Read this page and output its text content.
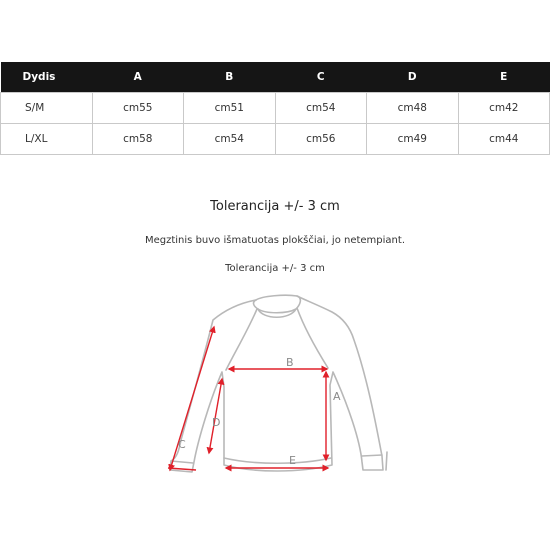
Dydis	A	B	C	D	E
S/M	cm55	cm51	cm54	cm48	cm42
L/XL	cm58	cm54	cm56	cm49	cm44
Tolerancija +/- 3 cm
Megztinis buvo išmatuotas plokščiai, jo netempiant.
Tolerancija +/- 3 cm
B
E
A
D
C
